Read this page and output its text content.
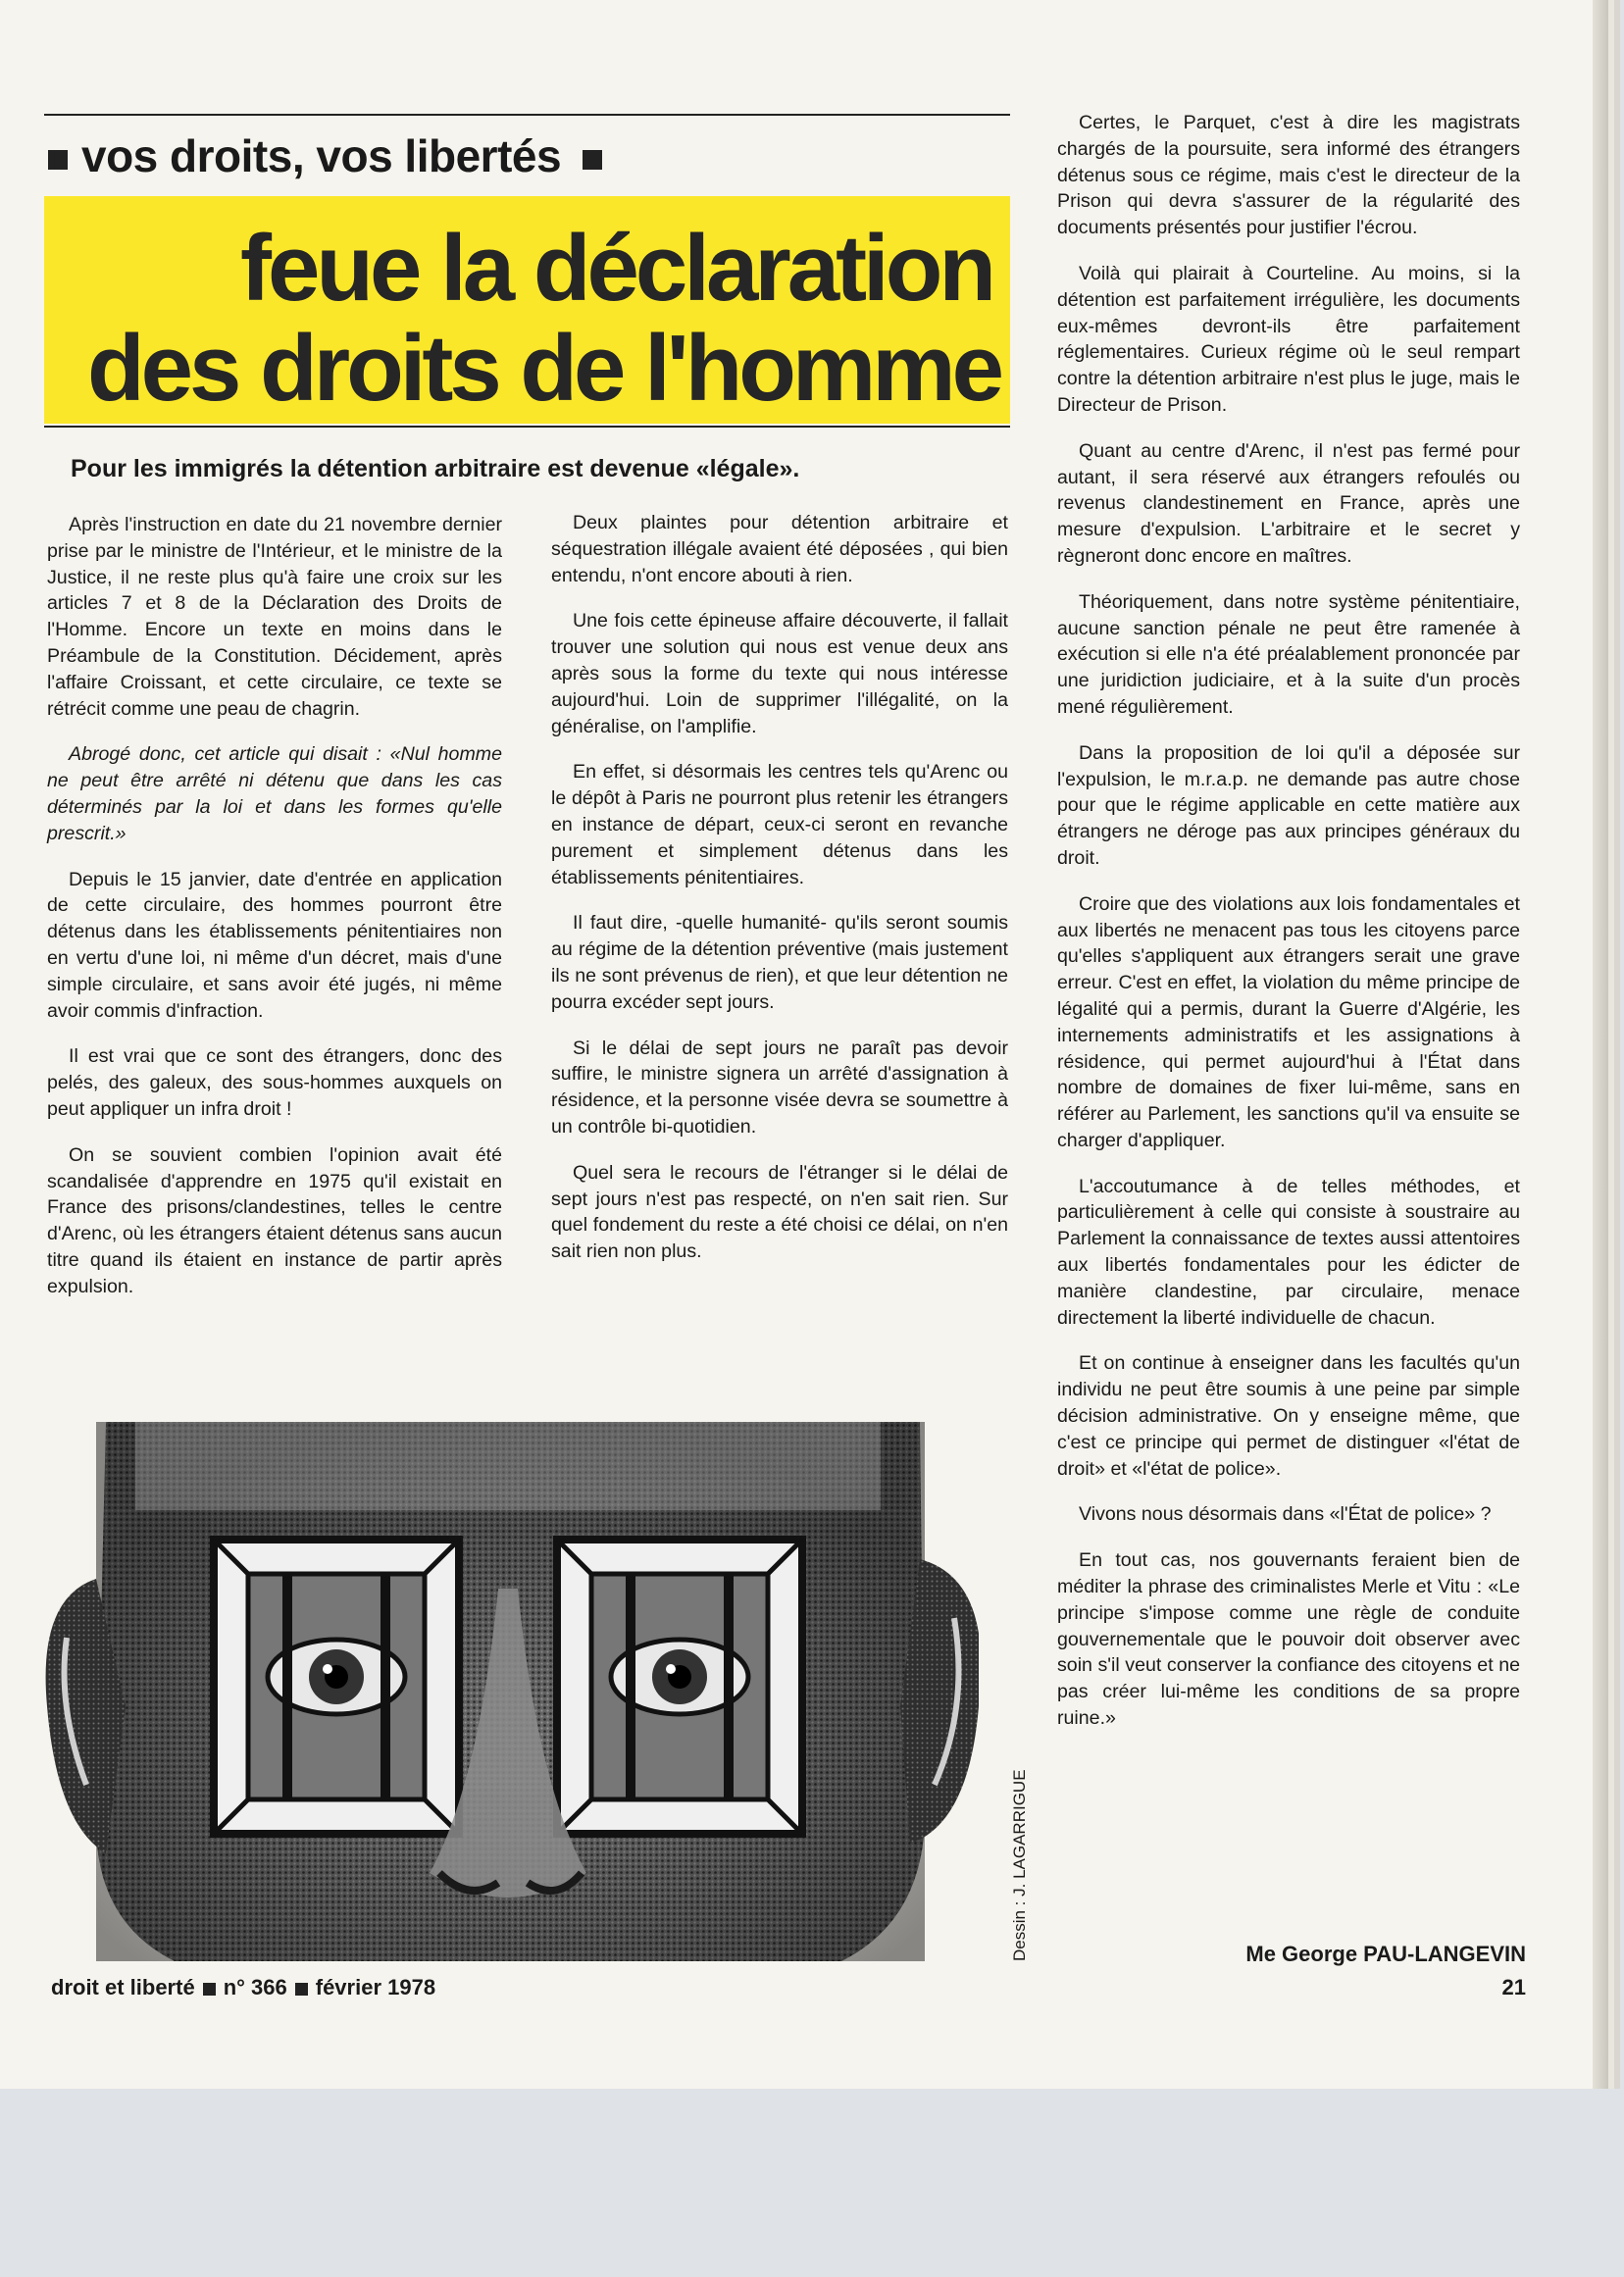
vos droits, vos libertés
feue la déclaration
des droits de l'homme
Pour les immigrés la détention arbitraire est devenue «légale».

Après l'instruction en date du 21 novembre dernier prise par le ministre de l'Intérieur, et le ministre de la Justice, il ne reste plus qu'à faire une croix sur les articles 7 et 8 de la Déclaration des Droits de l'Homme. Encore un texte en moins dans le Préambule de la Constitution. Décidement, après l'affaire Croissant, et cette circulaire, ce texte se rétrécit comme une peau de chagrin.

Abrogé donc, cet article qui disait : «Nul homme ne peut être arrêté ni détenu que dans les cas déterminés par la loi et dans les formes qu'elle prescrit.»

Depuis le 15 janvier, date d'entrée en application de cette circulaire, des hommes pourront être détenus dans les établissements pénitentiaires non en vertu d'une loi, ni même d'un décret, mais d'une simple circulaire, et sans avoir été jugés, ni même avoir commis d'infraction.

Il est vrai que ce sont des étrangers, donc des pelés, des galeux, des sous-hommes auxquels on peut appliquer un infra droit !

On se souvient combien l'opinion avait été scandalisée d'apprendre en 1975 qu'il existait en France des prisons/clandestines, telles le centre d'Arenc, où les étrangers étaient détenus sans aucun titre quand ils étaient en instance de partir après expulsion.

Deux plaintes pour détention arbitraire et séquestration illégale avaient été déposées , qui bien entendu, n'ont encore abouti à rien.

Une fois cette épineuse affaire découverte, il fallait trouver une solution qui nous est venue deux ans après sous la forme du texte qui nous intéresse aujourd'hui. Loin de supprimer l'illégalité, on la généralise, on l'amplifie.

En effet, si désormais les centres tels qu'Arenc ou le dépôt à Paris ne pourront plus retenir les étrangers en instance de départ, ceux-ci seront en revanche purement et simplement détenus dans les établissements pénitentiaires.

Il faut dire, -quelle humanité- qu'ils seront soumis au régime de la détention préventive (mais justement ils ne sont prévenus de rien), et que leur détention ne pourra excéder sept jours.

Si le délai de sept jours ne paraît pas devoir suffire, le ministre signera un arrêté d'assignation à résidence, et la personne visée devra se soumettre à un contrôle bi-quotidien.

Quel sera le recours de l'étranger si le délai de sept jours n'est pas respecté, on n'en sait rien. Sur quel fondement du reste a été choisi ce délai, on n'en sait rien non plus.

Certes, le Parquet, c'est à dire les magistrats chargés de la poursuite, sera informé des étrangers détenus sous ce régime, mais c'est le directeur de la Prison qui devra s'assurer de la régularité des documents présentés pour justifier l'écrou.

Voilà qui plairait à Courteline. Au moins, si la détention est parfaitement irrégulière, les documents eux-mêmes devront-ils être parfaitement réglementaires. Curieux régime où le seul rempart contre la détention arbitraire n'est plus le juge, mais le Directeur de Prison.

Quant au centre d'Arenc, il n'est pas fermé pour autant, il sera réservé aux étrangers refoulés ou revenus clandestinement en France, après une mesure d'expulsion. L'arbitraire et le secret y règneront donc encore en maîtres.

Théoriquement, dans notre système pénitentiaire, aucune sanction pénale ne peut être ramenée à exécution si elle n'a été préalablement prononcée par une juridiction judiciaire, et à la suite d'un procès mené régulièrement.

Dans la proposition de loi qu'il a déposée sur l'expulsion, le m.r.a.p. ne demande pas autre chose pour que le régime applicable en cette matière aux étrangers ne déroge pas aux principes généraux du droit.

Croire que des violations aux lois fondamentales et aux libertés ne menacent pas tous les citoyens parce qu'elles s'appliquent aux étrangers serait une grave erreur. C'est en effet, la violation du même principe de légalité qui a permis, durant la Guerre d'Algérie, les internements administratifs et les assignations à résidence, qui permet aujourd'hui à l'État dans nombre de domaines de fixer lui-même, sans en référer au Parlement, les sanctions qu'il va ensuite se charger d'appliquer.

L'accoutumance à de telles méthodes, et particulièrement à celle qui consiste à soustraire au Parlement la connaissance de textes aussi attentoires aux libertés fondamentales pour les édicter de manière clandestine, par circulaire, menace directement la liberté individuelle de chacun.

Et on continue à enseigner dans les facultés qu'un individu ne peut être soumis à une peine par simple décision administrative. On y enseigne même, que c'est ce principe qui permet de distinguer «l'état de droit» et «l'état de police».

Vivons nous désormais dans «l'État de police» ?

En tout cas, nos gouvernants feraient bien de méditer la phrase des criminalistes Merle et Vitu : «Le principe s'impose comme une règle de conduite gouvernementale que le pouvoir doit observer avec soin s'il veut conserver la confiance des citoyens et ne pas créer lui-même les conditions de sa propre ruine.»

Dessin : J. LAGARRIGUE	Me George PAU-LANGEVIN
droit et liberté n° 366 février 1978	21
